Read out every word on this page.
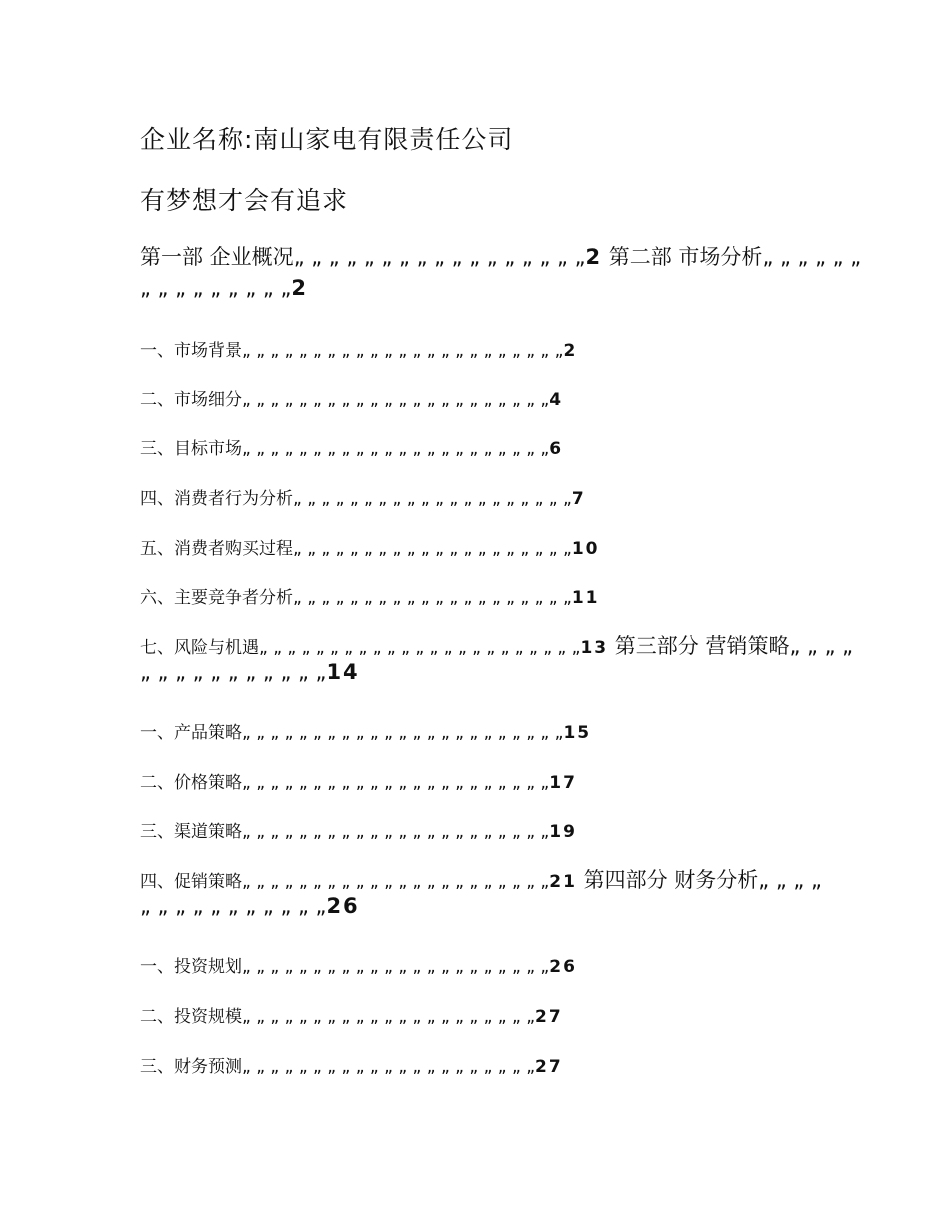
企业名称:南山家电有限责任公司
有梦想才会有追求
第一部 企业概况„ „ „ „ „ „ „ „ „ „ „ „ „ „ „ „ „2 第二部 市场分析„ „ „ „ „ „
„ „ „ „ „ „ „ „ „2
一、市场背景„ „ „ „ „ „ „ „ „ „ „ „ „ „ „ „ „ „ „ „ „ „ „2
二、市场细分„ „ „ „ „ „ „ „ „ „ „ „ „ „ „ „ „ „ „ „ „ „4
三、目标市场„ „ „ „ „ „ „ „ „ „ „ „ „ „ „ „ „ „ „ „ „ „6
四、消费者行为分析„ „ „ „ „ „ „ „ „ „ „ „ „ „ „ „ „ „ „ „7
五、消费者购买过程„ „ „ „ „ „ „ „ „ „ „ „ „ „ „ „ „ „ „ „10
六、主要竞争者分析„ „ „ „ „ „ „ „ „ „ „ „ „ „ „ „ „ „ „ „11
七、风险与机遇„ „ „ „ „ „ „ „ „ „ „ „ „ „ „ „ „ „ „ „ „ „ „13 第三部分 营销策略„ „ „ „
„ „ „ „ „ „ „ „ „ „ „14
一、产品策略„ „ „ „ „ „ „ „ „ „ „ „ „ „ „ „ „ „ „ „ „ „ „15
二、价格策略„ „ „ „ „ „ „ „ „ „ „ „ „ „ „ „ „ „ „ „ „ „17
三、渠道策略„ „ „ „ „ „ „ „ „ „ „ „ „ „ „ „ „ „ „ „ „ „19
四、促销策略„ „ „ „ „ „ „ „ „ „ „ „ „ „ „ „ „ „ „ „ „ „21 第四部分 财务分析„ „ „ „
„ „ „ „ „ „ „ „ „ „ „26
一、投资规划„ „ „ „ „ „ „ „ „ „ „ „ „ „ „ „ „ „ „ „ „ „26
二、投资规模„ „ „ „ „ „ „ „ „ „ „ „ „ „ „ „ „ „ „ „ „27
三、财务预测„ „ „ „ „ „ „ „ „ „ „ „ „ „ „ „ „ „ „ „ „27
